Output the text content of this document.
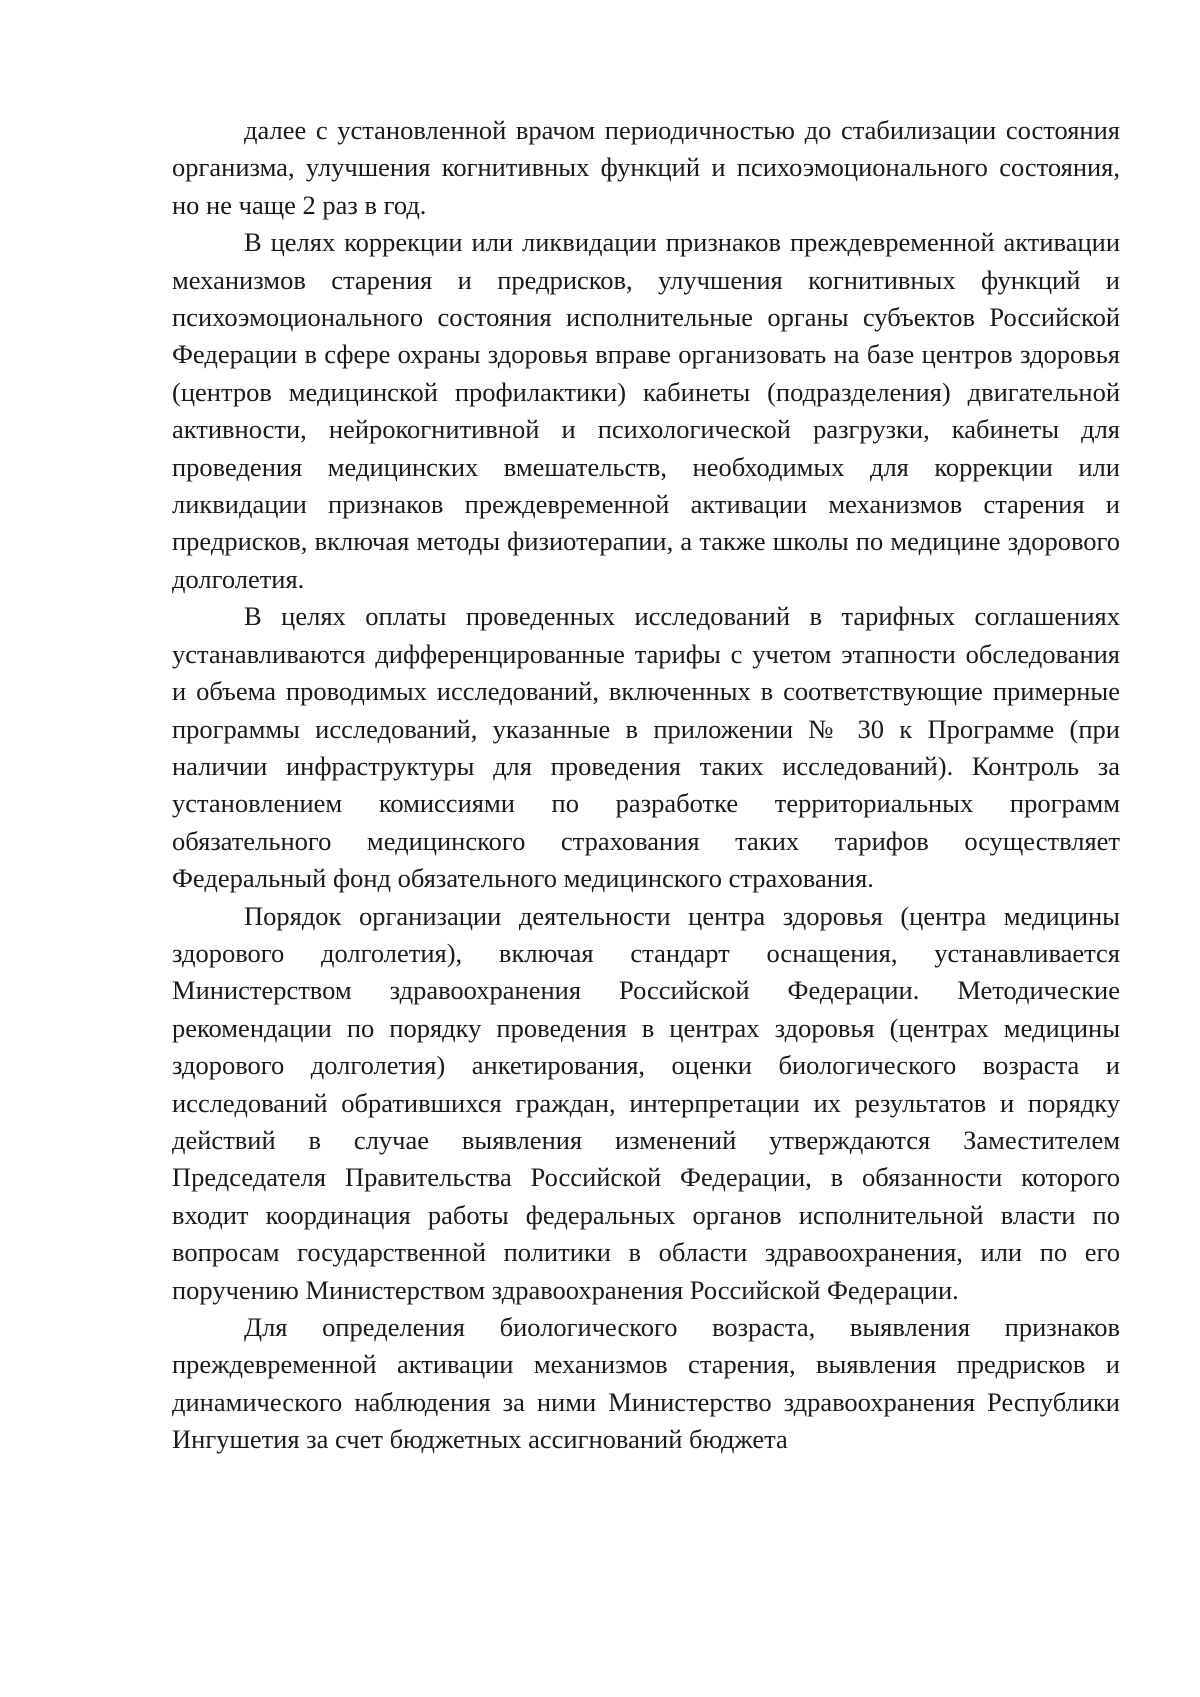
далее с установленной врачом периодичностью до стабилизации состояния организма, улучшения когнитивных функций и психоэмоционального состояния, но не чаще 2 раз в год.

В целях коррекции или ликвидации признаков преждевременной активации механизмов старения и предрисков, улучшения когнитивных функций и психоэмоционального состояния исполнительные органы субъектов Российской Федерации в сфере охраны здоровья вправе организовать на базе центров здоровья (центров медицинской профилактики) кабинеты (подразделения) двигательной активности, нейрокогнитивной и психологической разгрузки, кабинеты для проведения медицинских вмешательств, необходимых для коррекции или ликвидации признаков преждевременной активации механизмов старения и предрисков, включая методы физиотерапии, а также школы по медицине здорового долголетия.

В целях оплаты проведенных исследований в тарифных соглашениях устанавливаются дифференцированные тарифы с учетом этапности обследования и объема проводимых исследований, включенных в соответствующие примерные программы исследований, указанные в приложении № 30 к Программе (при наличии инфраструктуры для проведения таких исследований). Контроль за установлением комиссиями по разработке территориальных программ обязательного медицинского страхования таких тарифов осуществляет Федеральный фонд обязательного медицинского страхования.

Порядок организации деятельности центра здоровья (центра медицины здорового долголетия), включая стандарт оснащения, устанавливается Министерством здравоохранения Российской Федерации. Методические рекомендации по порядку проведения в центрах здоровья (центрах медицины здорового долголетия) анкетирования, оценки биологического возраста и исследований обратившихся граждан, интерпретации их результатов и порядку действий в случае выявления изменений утверждаются Заместителем Председателя Правительства Российской Федерации, в обязанности которого входит координация работы федеральных органов исполнительной власти по вопросам государственной политики в области здравоохранения, или по его поручению Министерством здравоохранения Российской Федерации.

Для определения биологического возраста, выявления признаков преждевременной активации механизмов старения, выявления предрисков и динамического наблюдения за ними Министерство здравоохранения Республики Ингушетия за счет бюджетных ассигнований бюджета
